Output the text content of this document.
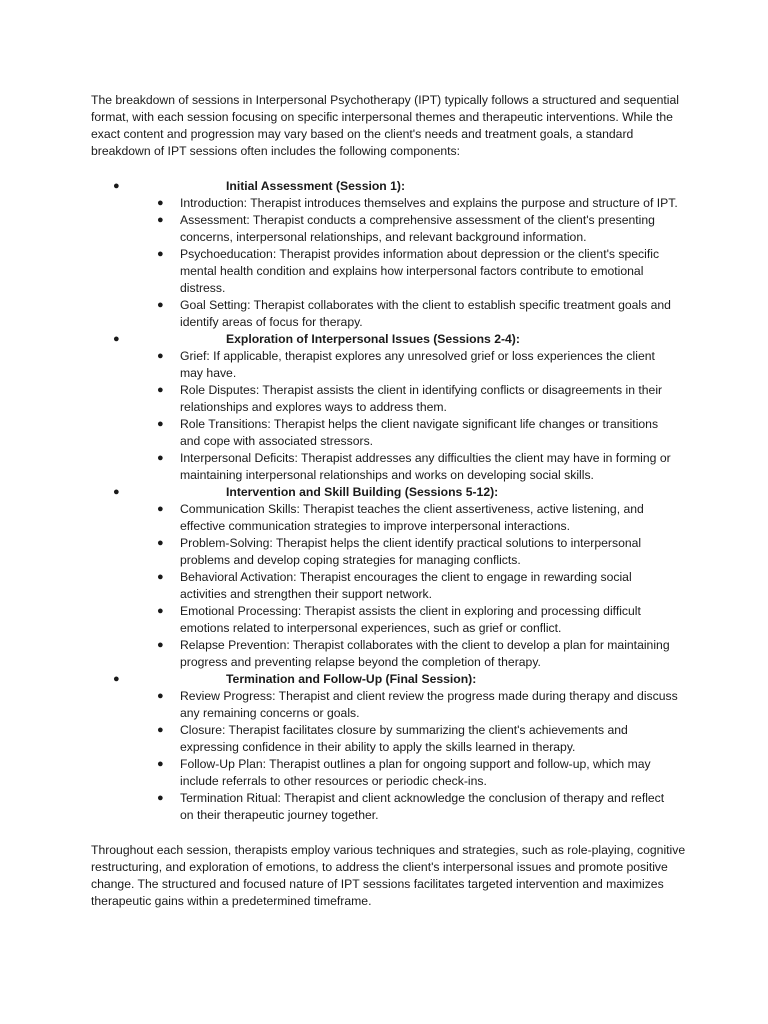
The breakdown of sessions in Interpersonal Psychotherapy (IPT) typically follows a structured and sequential format, with each session focusing on specific interpersonal themes and therapeutic interventions. While the exact content and progression may vary based on the client's needs and treatment goals, a standard breakdown of IPT sessions often includes the following components:

●	Initial Assessment (Session 1):
● Introduction: Therapist introduces themselves and explains the purpose and structure of IPT.
● Assessment: Therapist conducts a comprehensive assessment of the client's presenting concerns, interpersonal relationships, and relevant background information.
● Psychoeducation: Therapist provides information about depression or the client's specific mental health condition and explains how interpersonal factors contribute to emotional distress.
● Goal Setting: Therapist collaborates with the client to establish specific treatment goals and identify areas of focus for therapy.
●	Exploration of Interpersonal Issues (Sessions 2-4):
● Grief: If applicable, therapist explores any unresolved grief or loss experiences the client may have.
● Role Disputes: Therapist assists the client in identifying conflicts or disagreements in their relationships and explores ways to address them.
● Role Transitions: Therapist helps the client navigate significant life changes or transitions and cope with associated stressors.
● Interpersonal Deficits: Therapist addresses any difficulties the client may have in forming or maintaining interpersonal relationships and works on developing social skills.
●	Intervention and Skill Building (Sessions 5-12):
● Communication Skills: Therapist teaches the client assertiveness, active listening, and effective communication strategies to improve interpersonal interactions.
● Problem-Solving: Therapist helps the client identify practical solutions to interpersonal problems and develop coping strategies for managing conflicts.
● Behavioral Activation: Therapist encourages the client to engage in rewarding social activities and strengthen their support network.
● Emotional Processing: Therapist assists the client in exploring and processing difficult emotions related to interpersonal experiences, such as grief or conflict.
● Relapse Prevention: Therapist collaborates with the client to develop a plan for maintaining progress and preventing relapse beyond the completion of therapy.
●	Termination and Follow-Up (Final Session):
● Review Progress: Therapist and client review the progress made during therapy and discuss any remaining concerns or goals.
● Closure: Therapist facilitates closure by summarizing the client's achievements and expressing confidence in their ability to apply the skills learned in therapy.
● Follow-Up Plan: Therapist outlines a plan for ongoing support and follow-up, which may include referrals to other resources or periodic check-ins.
● Termination Ritual: Therapist and client acknowledge the conclusion of therapy and reflect on their therapeutic journey together.

Throughout each session, therapists employ various techniques and strategies, such as role-playing, cognitive restructuring, and exploration of emotions, to address the client's interpersonal issues and promote positive change. The structured and focused nature of IPT sessions facilitates targeted intervention and maximizes therapeutic gains within a predetermined timeframe.
